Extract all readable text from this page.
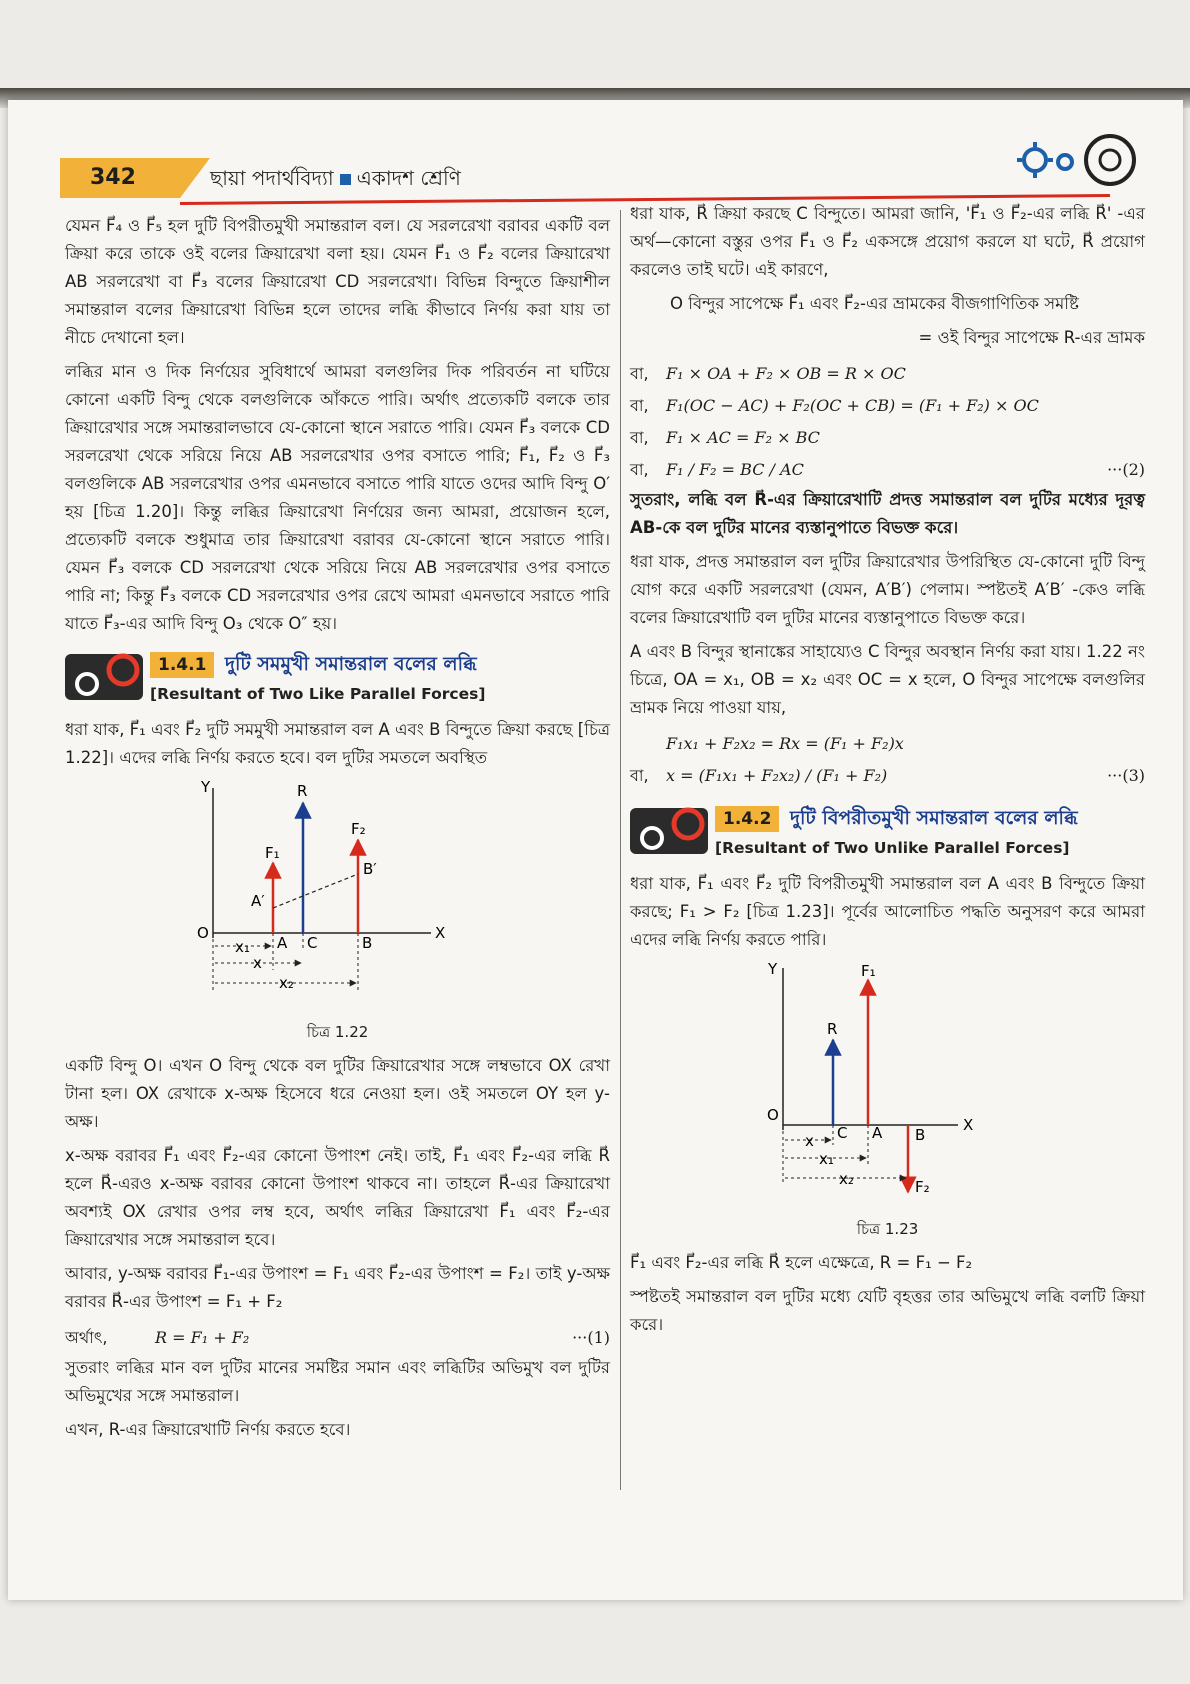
342	ছায়া পদার্থবিদ্যা একাদশ শ্রেণি

যেমন F⃗₄ ও F⃗₅ হল দুটি বিপরীতমুখী সমান্তরাল বল। যে সরলরেখা বরাবর একটি বল ক্রিয়া করে তাকে ওই বলের ক্রিয়ারেখা বলা হয়। যেমন F⃗₁ ও F⃗₂ বলের ক্রিয়ারেখা AB সরলরেখা বা F⃗₃ বলের ক্রিয়ারেখা CD সরলরেখা। বিভিন্ন বিন্দুতে ক্রিয়াশীল সমান্তরাল বলের ক্রিয়ারেখা বিভিন্ন হলে তাদের লব্ধি কীভাবে নির্ণয় করা যায় তা নীচে দেখানো হল।

লব্ধির মান ও দিক নির্ণয়ের সুবিধার্থে আমরা বলগুলির দিক পরিবর্তন না ঘটিয়ে কোনো একটি বিন্দু থেকে বলগুলিকে আঁকতে পারি। অর্থাৎ প্রত্যেকটি বলকে তার ক্রিয়ারেখার সঙ্গে সমান্তরালভাবে যে-কোনো স্থানে সরাতে পারি। যেমন F⃗₃ বলকে CD সরলরেখা থেকে সরিয়ে নিয়ে AB সরলরেখার ওপর বসাতে পারি; F⃗₁, F⃗₂ ও F⃗₃ বলগুলিকে AB সরলরেখার ওপর এমনভাবে বসাতে পারি যাতে ওদের আদি বিন্দু O′ হয় [চিত্র 1.20]। কিন্তু লব্ধির ক্রিয়ারেখা নির্ণয়ের জন্য আমরা, প্রয়োজন হলে, প্রত্যেকটি বলকে শুধুমাত্র তার ক্রিয়ারেখা বরাবর যে-কোনো স্থানে সরাতে পারি। যেমন F⃗₃ বলকে CD সরলরেখা থেকে সরিয়ে নিয়ে AB সরলরেখার ওপর বসাতে পারি না; কিন্তু F⃗₃ বলকে CD সরলরেখার ওপর রেখে আমরা এমনভাবে সরাতে পারি যাতে F⃗₃-এর আদি বিন্দু O₃ থেকে O″ হয়।

1.4.1 দুটি সমমুখী সমান্তরাল বলের লব্ধি
[Resultant of Two Like Parallel Forces]

ধরা যাক, F⃗₁ এবং F⃗₂ দুটি সমমুখী সমান্তরাল বল A এবং B বিন্দুতে ক্রিয়া করছে [চিত্র 1.22]। এদের লব্ধি নির্ণয় করতে হবে। বল দুটির সমতলে অবস্থিত

Y	R
F₂
F₁
B′
A′
O
A C	B
X
x₁
x
x₂
চিত্র 1.22

একটি বিন্দু O। এখন O বিন্দু থেকে বল দুটির ক্রিয়ারেখার সঙ্গে লম্বভাবে OX রেখা টানা হল। OX রেখাকে x-অক্ষ হিসেবে ধরে নেওয়া হল। ওই সমতলে OY হল y-অক্ষ।

x-অক্ষ বরাবর F⃗₁ এবং F⃗₂-এর কোনো উপাংশ নেই। তাই, F⃗₁ এবং F⃗₂-এর লব্ধি R⃗ হলে R⃗-এরও x-অক্ষ বরাবর কোনো উপাংশ থাকবে না। তাহলে R⃗-এর ক্রিয়ারেখা অবশ্যই OX রেখার ওপর লম্ব হবে, অর্থাৎ লব্ধির ক্রিয়ারেখা F⃗₁ এবং F⃗₂-এর ক্রিয়ারেখার সঙ্গে সমান্তরাল হবে।

আবার, y-অক্ষ বরাবর F⃗₁-এর উপাংশ = F₁ এবং F⃗₂-এর উপাংশ = F₂। তাই y-অক্ষ বরাবর R⃗-এর উপাংশ = F₁ + F₂

অর্থাৎ,	R = F₁ + F₂	···(1)

সুতরাং লব্ধির মান বল দুটির মানের সমষ্টির সমান এবং লব্ধিটির অভিমুখ বল দুটির অভিমুখের সঙ্গে সমান্তরাল।

এখন, R-এর ক্রিয়ারেখাটি নির্ণয় করতে হবে।

ধরা যাক, R⃗ ক্রিয়া করছে C বিন্দুতে। আমরা জানি, 'F⃗₁ ও F⃗₂-এর লব্ধি R⃗' -এর অর্থ—কোনো বস্তুর ওপর F⃗₁ ও F⃗₂ একসঙ্গে প্রয়োগ করলে যা ঘটে, R⃗ প্রয়োগ করলেও তাই ঘটে। এই কারণে,

O বিন্দুর সাপেক্ষে F⃗₁ এবং F⃗₂-এর ভ্রামকের বীজগাণিতিক সমষ্টি

= ওই বিন্দুর সাপেক্ষে R-এর ভ্রামক

বা,	F₁ × OA + F₂ × OB = R × OC
বা,	F₁(OC − AC) + F₂(OC + CB) = (F₁ + F₂) × OC
বা,	F₁ × AC = F₂ × BC
বা,	F₁ / F₂ = BC / AC	···(2)

সুতরাং, লব্ধি বল R⃗-এর ক্রিয়ারেখাটি প্রদত্ত সমান্তরাল বল দুটির মধ্যের দূরত্ব AB-কে বল দুটির মানের ব্যস্তানুপাতে বিভক্ত করে।

ধরা যাক, প্রদত্ত সমান্তরাল বল দুটির ক্রিয়ারেখার উপরিস্থিত যে-কোনো দুটি বিন্দু যোগ করে একটি সরলরেখা (যেমন, A′B′) পেলাম। স্পষ্টতই A′B′ -কেও লব্ধি বলের ক্রিয়ারেখাটি বল দুটির মানের ব্যস্তানুপাতে বিভক্ত করে।

A এবং B বিন্দুর স্থানাঙ্কের সাহায্যেও C বিন্দুর অবস্থান নির্ণয় করা যায়। 1.22 নং চিত্রে, OA = x₁, OB = x₂ এবং OC = x হলে, O বিন্দুর সাপেক্ষে বলগুলির ভ্রামক নিয়ে পাওয়া যায়,

F₁x₁ + F₂x₂ = Rx = (F₁ + F₂)x
বা,	x = (F₁x₁ + F₂x₂) / (F₁ + F₂)	···(3)
1.4.2 দুটি বিপরীতমুখী সমান্তরাল বলের লব্ধি
[Resultant of Two Unlike Parallel Forces]

ধরা যাক, F⃗₁ এবং F⃗₂ দুটি বিপরীতমুখী সমান্তরাল বল A এবং B বিন্দুতে ক্রিয়া করছে; F₁ > F₂ [চিত্র 1.23]। পূর্বের আলোচিত পদ্ধতি অনুসরণ করে আমরা এদের লব্ধি নির্ণয় করতে পারি।

Y	F₁
R
O
C A B
X
x
x₁
x₂	F₂
চিত্র 1.23

F⃗₁ এবং F⃗₂-এর লব্ধি R⃗ হলে এক্ষেত্রে, R = F₁ − F₂

স্পষ্টতই সমান্তরাল বল দুটির মধ্যে যেটি বৃহত্তর তার অভিমুখে লব্ধি বলটি ক্রিয়া করে।
